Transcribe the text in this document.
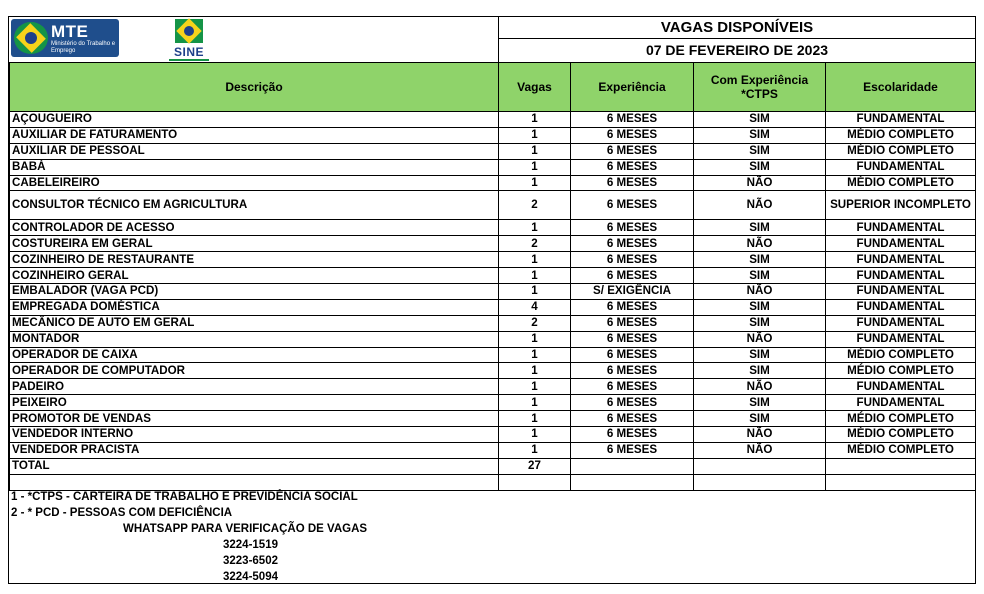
MTE
Ministério do Trabalho e Emprego	SINE
VAGAS DISPONÍVEIS
07 DE FEVEREIRO DE 2023
Descrição	Vagas	Experiência	Com Experiência *CTPS	Escolaridade
AÇOUGUEIRO	1	6 MESES	SIM	FUNDAMENTAL
AUXILIAR DE FATURAMENTO	1	6 MESES	SIM	MÉDIO COMPLETO
AUXILIAR DE PESSOAL	1	6 MESES	SIM	MÉDIO COMPLETO
BABÁ	1	6 MESES	SIM	FUNDAMENTAL
CABELEIREIRO	1	6 MESES	NÃO	MÉDIO COMPLETO
CONSULTOR TÉCNICO EM AGRICULTURA	2	6 MESES	NÃO	SUPERIOR INCOMPLETO
CONTROLADOR DE ACESSO	1	6 MESES	SIM	FUNDAMENTAL
COSTUREIRA EM GERAL	2	6 MESES	NÃO	FUNDAMENTAL
COZINHEIRO DE RESTAURANTE	1	6 MESES	SIM	FUNDAMENTAL
COZINHEIRO GERAL	1	6 MESES	SIM	FUNDAMENTAL
EMBALADOR (VAGA PCD)	1	S/ EXIGÊNCIA	NÃO	FUNDAMENTAL
EMPREGADA DOMÉSTICA	4	6 MESES	SIM	FUNDAMENTAL
MECÂNICO DE AUTO EM GERAL	2	6 MESES	SIM	FUNDAMENTAL
MONTADOR	1	6 MESES	NÃO	FUNDAMENTAL
OPERADOR DE CAIXA	1	6 MESES	SIM	MÉDIO COMPLETO
OPERADOR DE COMPUTADOR	1	6 MESES	SIM	MÉDIO COMPLETO
PADEIRO	1	6 MESES	NÃO	FUNDAMENTAL
PEIXEIRO	1	6 MESES	SIM	FUNDAMENTAL
PROMOTOR DE VENDAS	1	6 MESES	SIM	MÉDIO COMPLETO
VENDEDOR INTERNO	1	6 MESES	NÃO	MÉDIO COMPLETO
VENDEDOR PRACISTA	1	6 MESES	NÃO	MÉDIO COMPLETO
TOTAL	27			

1 - *CTPS - CARTEIRA DE TRABALHO E PREVIDÊNCIA SOCIAL
2 - * PCD - PESSOAS COM DEFICIÊNCIA
WHATSAPP PARA VERIFICAÇÃO DE VAGAS
3224-1519
3223-6502
3224-5094
